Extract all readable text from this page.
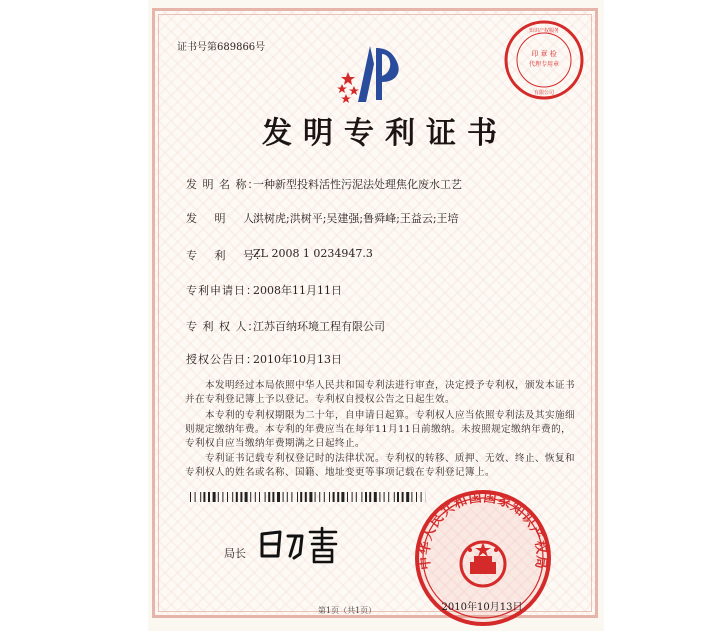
印 章 检
代理专用章
知识产权服务
有限公司
证书号第689866号
发明专利证书
发 明 名 称：
一种新型投料活性污泥法处理焦化废水工艺
发　 明　 人：
洪树虎;洪树平;吴建强;鲁舜峰;王益云;王培
专　 利　 号：
ZL 2008 1 0234947.3
专利申请日：
2008年11月11日
专 利 权 人：
江苏百纳环境工程有限公司
授权公告日：
2010年10月13日
　　本发明经过本局依照中华人民共和国专利法进行审查，决定授予专利权，颁发本证书
并在专利登记簿上予以登记。专利权自授权公告之日起生效。
　　本专利的专利权期限为二十年，自申请日起算。专利权人应当依照专利法及其实施细
则规定缴纳年费。本专利的年费应当在每年11月11日前缴纳。未按照规定缴纳年费的，
专利权自应当缴纳年费期满之日起终止。
　　专利证书记载专利权登记时的法律状况。专利权的转移、质押、无效、终止、恢复和
专利权人的姓名或名称、国籍、地址变更等事项记载在专利登记簿上。
局长
中华人民共和国国家知识产权局
2010年10月13日
第1页（共1页）
